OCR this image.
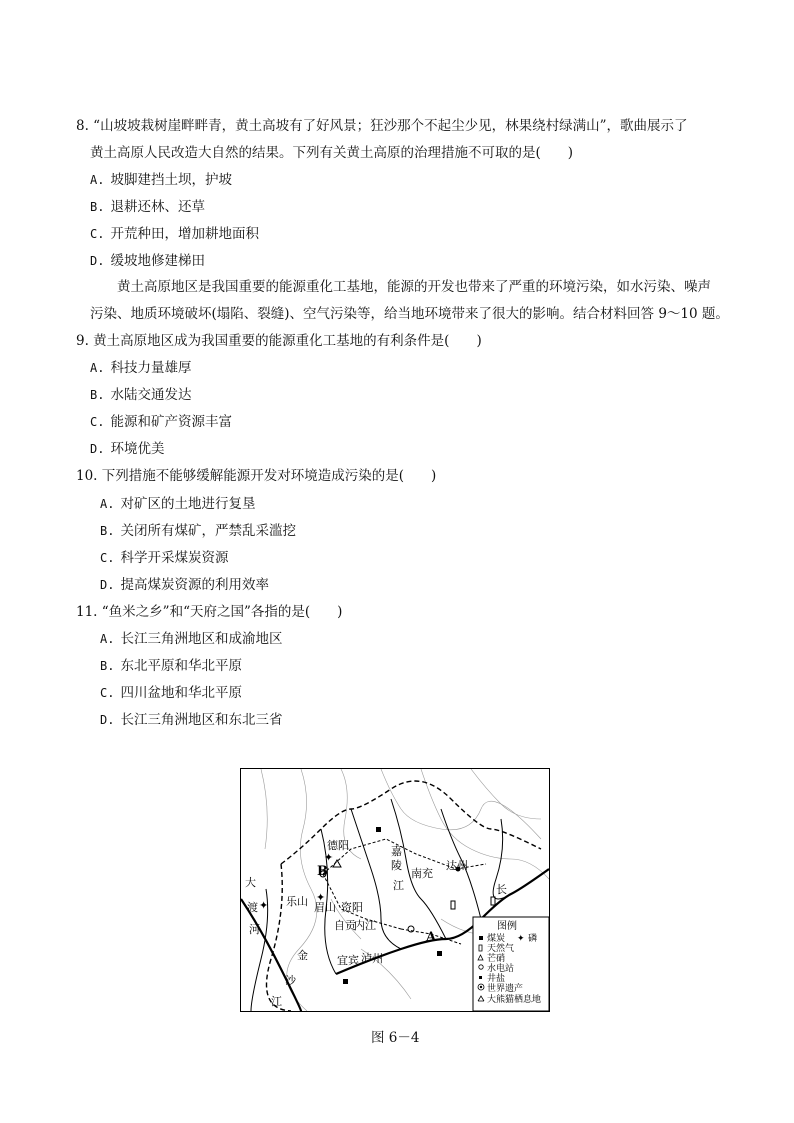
8. “山坡坡栽树崖畔畔青，黄土高坡有了好风景；狂沙那个不起尘少见，林果绕村绿满山”，歌曲展示了
黄土高原人民改造大自然的结果。下列有关黄土高原的治理措施不可取的是(　　)
A. 坡脚建挡土坝，护坡
B. 退耕还林、还草
C. 开荒种田，增加耕地面积
D. 缓坡地修建梯田
　　黄土高原地区是我国重要的能源重化工基地，能源的开发也带来了严重的环境污染，如水污染、噪声
污染、地质环境破坏(塌陷、裂缝)、空气污染等，给当地环境带来了很大的影响。结合材料回答 9～10 题。
9. 黄土高原地区成为我国重要的能源重化工基地的有利条件是(　　)
A. 科技力量雄厚
B. 水陆交通发达
C. 能源和矿产资源丰富
D. 环境优美
10. 下列措施不能够缓解能源开发对环境造成污染的是(　　)
A. 对矿区的土地进行复垦
B. 关闭所有煤矿，严禁乱采滥挖
C. 科学开采煤炭资源
D. 提高煤炭资源的利用效率
11. “鱼米之乡”和“天府之国”各指的是(　　)
A. 长江三角洲地区和成渝地区
B. 东北平原和华北平原
C. 四川盆地和华北平原
D. 长江三角洲地区和东北三省
✦
✦
✦
德阳	嘉
陵
江
达州
南充
长
眉山 资阳
内江
自贡
乐山
宜宾 泸州
大
渡
河
金
沙
江
B
A
图例
煤炭 ✦ 磷
天然气
芒硝
水电站
井盐
世界遗产
大熊猫栖息地
图 6－4
